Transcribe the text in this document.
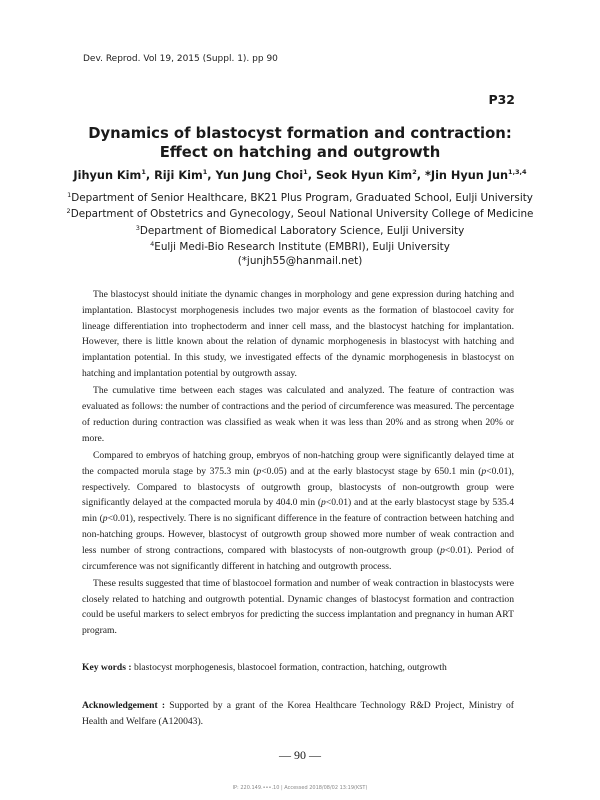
Dev. Reprod. Vol 19, 2015 (Suppl. 1). pp 90
P32
Dynamics of blastocyst formation and contraction:
Effect on hatching and outgrowth
Jihyun Kim$^1$, Riji Kim$^1$, Yun Jung Choi$^1$, Seok Hyun Kim$^2$, *Jin Hyun Jun$^{1,3,4}$
$^1$Department of Senior Healthcare, BK21 Plus Program, Graduated School, Eulji University
$^2$Department of Obstetrics and Gynecology, Seoul National University College of Medicine
$^3$Department of Biomedical Laboratory Science, Eulji University
$^4$Eulji Medi-Bio Research Institute (EMBRI), Eulji University
(*junjh55@hanmail.net)

The blastocyst should initiate the dynamic changes in morphology and gene expression during hatching and implantation. Blastocyst morphogenesis includes two major events as the formation of blastocoel cavity for lineage differentiation into trophectoderm and inner cell mass, and the blastocyst hatching for implantation. However, there is little known about the relation of dynamic morphogenesis in blastocyst with hatching and implantation potential. In this study, we investigated effects of the dynamic morphogenesis in blastocyst on hatching and implantation potential by outgrowth assay.

The cumulative time between each stages was calculated and analyzed. The feature of contraction was evaluated as follows: the number of contractions and the period of circumference was measured. The percentage of reduction during contraction was classified as weak when it was less than 20% and as strong when 20% or more.

Compared to embryos of hatching group, embryos of non-hatching group were significantly delayed time at the compacted morula stage by 375.3 min (p<0.05) and at the early blastocyst stage by 650.1 min (p<0.01), respectively. Compared to blastocysts of outgrowth group, blastocysts of non-outgrowth group were significantly delayed at the compacted morula by 404.0 min (p<0.01) and at the early blastocyst stage by 535.4 min (p<0.01), respectively. There is no significant difference in the feature of contraction between hatching and non-hatching groups. However, blastocyst of outgrowth group showed more number of weak contraction and less number of strong contractions, compared with blastocysts of non-outgrowth group (p<0.01). Period of circumference was not significantly different in hatching and outgrowth process.

These results suggested that time of blastocoel formation and number of weak contraction in blastocysts were closely related to hatching and outgrowth potential. Dynamic changes of blastocyst formation and contraction could be useful markers to select embryos for predicting the success implantation and pregnancy in human ART program.

Key words : blastocyst morphogenesis, blastocoel formation, contraction, hatching, outgrowth
Acknowledgement : Supported by a grant of the Korea Healthcare Technology R&D Project, Ministry of Health and Welfare (A120043).
— 90 —
IP: 220.149.•••.10 | Accessed 2018/08/02 13:19(KST)
